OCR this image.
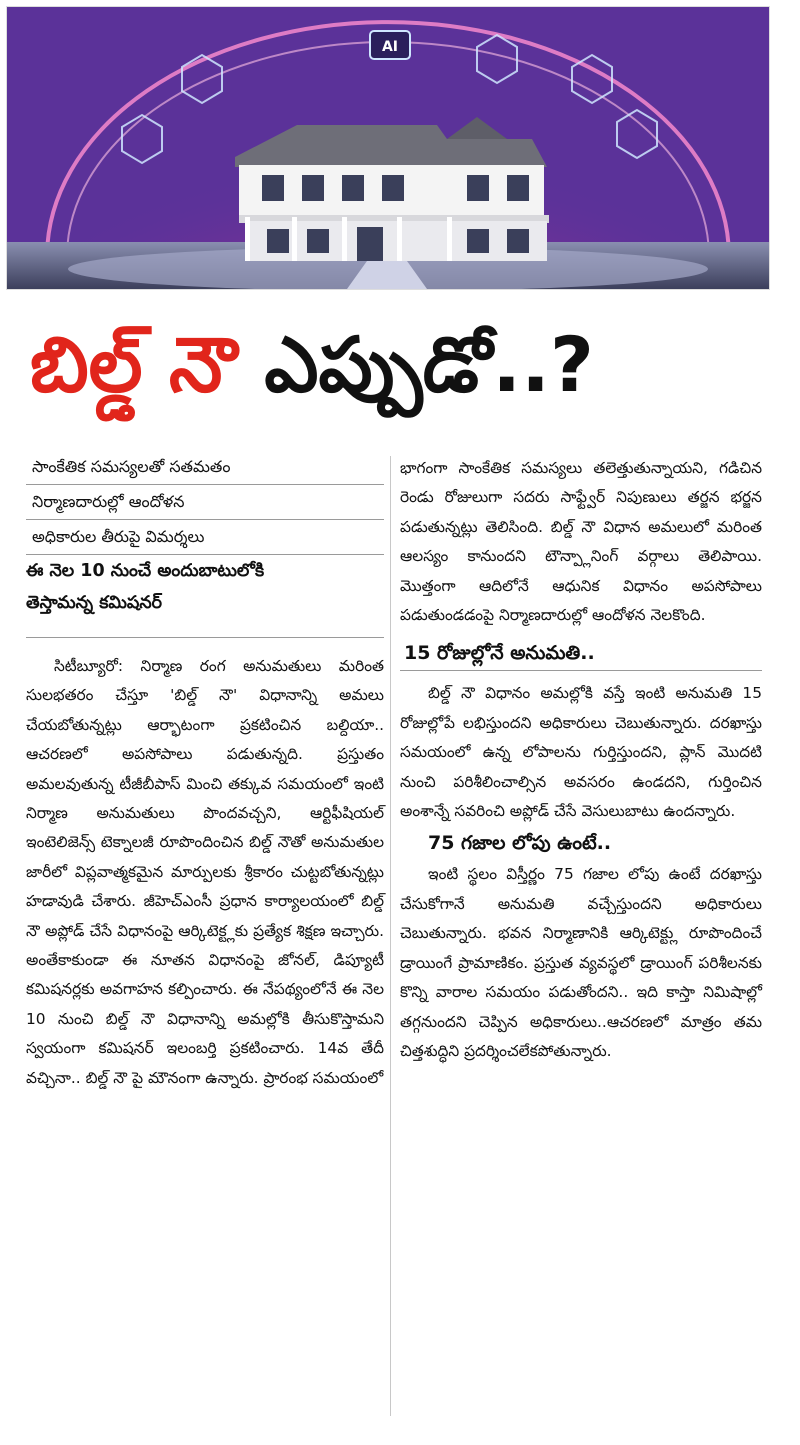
AI
బిల్డ్ నౌ ఎప్పుడో..?
సాంకేతిక సమస్యలతో సతమతం
నిర్మాణదారుల్లో ఆందోళన
అధికారుల తీరుపై విమర్శలు
ఈ నెల 10 నుంచే అందుబాటులోకి
తెస్తామన్న కమిషనర్

సిటీబ్యూరో: నిర్మాణ రంగ అనుమతులు మరింత సులభతరం చేస్తూ 'బిల్డ్ నౌ' విధానాన్ని అమలు చేయబోతున్నట్లు ఆర్భాటంగా ప్రకటించిన బల్దియా.. ఆచరణలో అపసోపాలు పడుతున్నది. ప్రస్తుతం అమలవుతున్న టీజీబీపాస్ మించి తక్కువ సమయంలో ఇంటి నిర్మాణ అనుమతులు పొందవచ్చని, ఆర్టిఫీషియల్ ఇంటెలిజెన్స్ టెక్నాలజీ రూపొందించిన బిల్డ్ నౌతో అనుమతుల జారీలో విప్లవాత్మకమైన మార్పులకు శ్రీకారం చుట్టబోతున్నట్లు హడావుడి చేశారు. జీహెచ్ఎంసీ ప్రధాన కార్యాలయంలో బిల్డ్ నౌ అప్లోడ్ చేసే విధానంపై ఆర్కిటెక్ట్లకు ప్రత్యేక శిక్షణ ఇచ్చారు. అంతేకాకుండా ఈ నూతన విధానంపై జోనల్, డిప్యూటీ కమిషనర్లకు అవగాహన కల్పించారు. ఈ నేపథ్యంలోనే ఈ నెల 10 నుంచి బిల్డ్ నౌ విధానాన్ని అమల్లోకి తీసుకొస్తామని స్వయంగా కమిషనర్ ఇలంబర్తి ప్రకటించారు. 14వ తేదీ వచ్చినా.. బిల్డ్ నౌ పై మౌనంగా ఉన్నారు. ప్రారంభ సమయంలో

భాగంగా సాంకేతిక సమస్యలు తలెత్తుతున్నాయని, గడిచిన రెండు రోజులుగా సదరు సాఫ్ట్వేర్ నిపుణులు తర్జన భర్జన పడుతున్నట్లు తెలిసింది. బిల్డ్ నౌ విధాన అమలులో మరింత ఆలస్యం కానుందని టౌన్ప్లానింగ్ వర్గాలు తెలిపాయి. మొత్తంగా ఆదిలోనే ఆధునిక విధానం అపసోపాలు పడుతుండడంపై నిర్మాణదారుల్లో ఆందోళన నెలకొంది.

15 రోజుల్లోనే అనుమతి..

బిల్డ్ నౌ విధానం అమల్లోకి వస్తే ఇంటి అనుమతి 15 రోజుల్లోపే లభిస్తుందని అధికారులు చెబుతున్నారు. దరఖాస్తు సమయంలో ఉన్న లోపాలను గుర్తిస్తుందని, ప్లాన్ మొదటి నుంచి పరిశీలించాల్సిన అవసరం ఉండదని, గుర్తించిన అంశాన్నే సవరించి అప్లోడ్ చేసే వెసులుబాటు ఉందన్నారు.

75 గజాల లోపు ఉంటే..

ఇంటి స్థలం విస్తీర్ణం 75 గజాల లోపు ఉంటే దరఖాస్తు చేసుకోగానే అనుమతి వచ్చేస్తుందని అధికారులు చెబుతున్నారు. భవన నిర్మాణానికి ఆర్కిటెక్ట్లు రూపొందించే డ్రాయింగే ప్రామాణికం. ప్రస్తుత వ్యవస్థలో డ్రాయింగ్ పరిశీలనకు కొన్ని వారాల సమయం పడుతోందని.. ఇది కాస్తా నిమిషాల్లో తగ్గనుందని చెప్పిన అధికారులు..ఆచరణలో మాత్రం తమ చిత్తశుద్ధిని ప్రదర్శించలేకపోతున్నారు.
